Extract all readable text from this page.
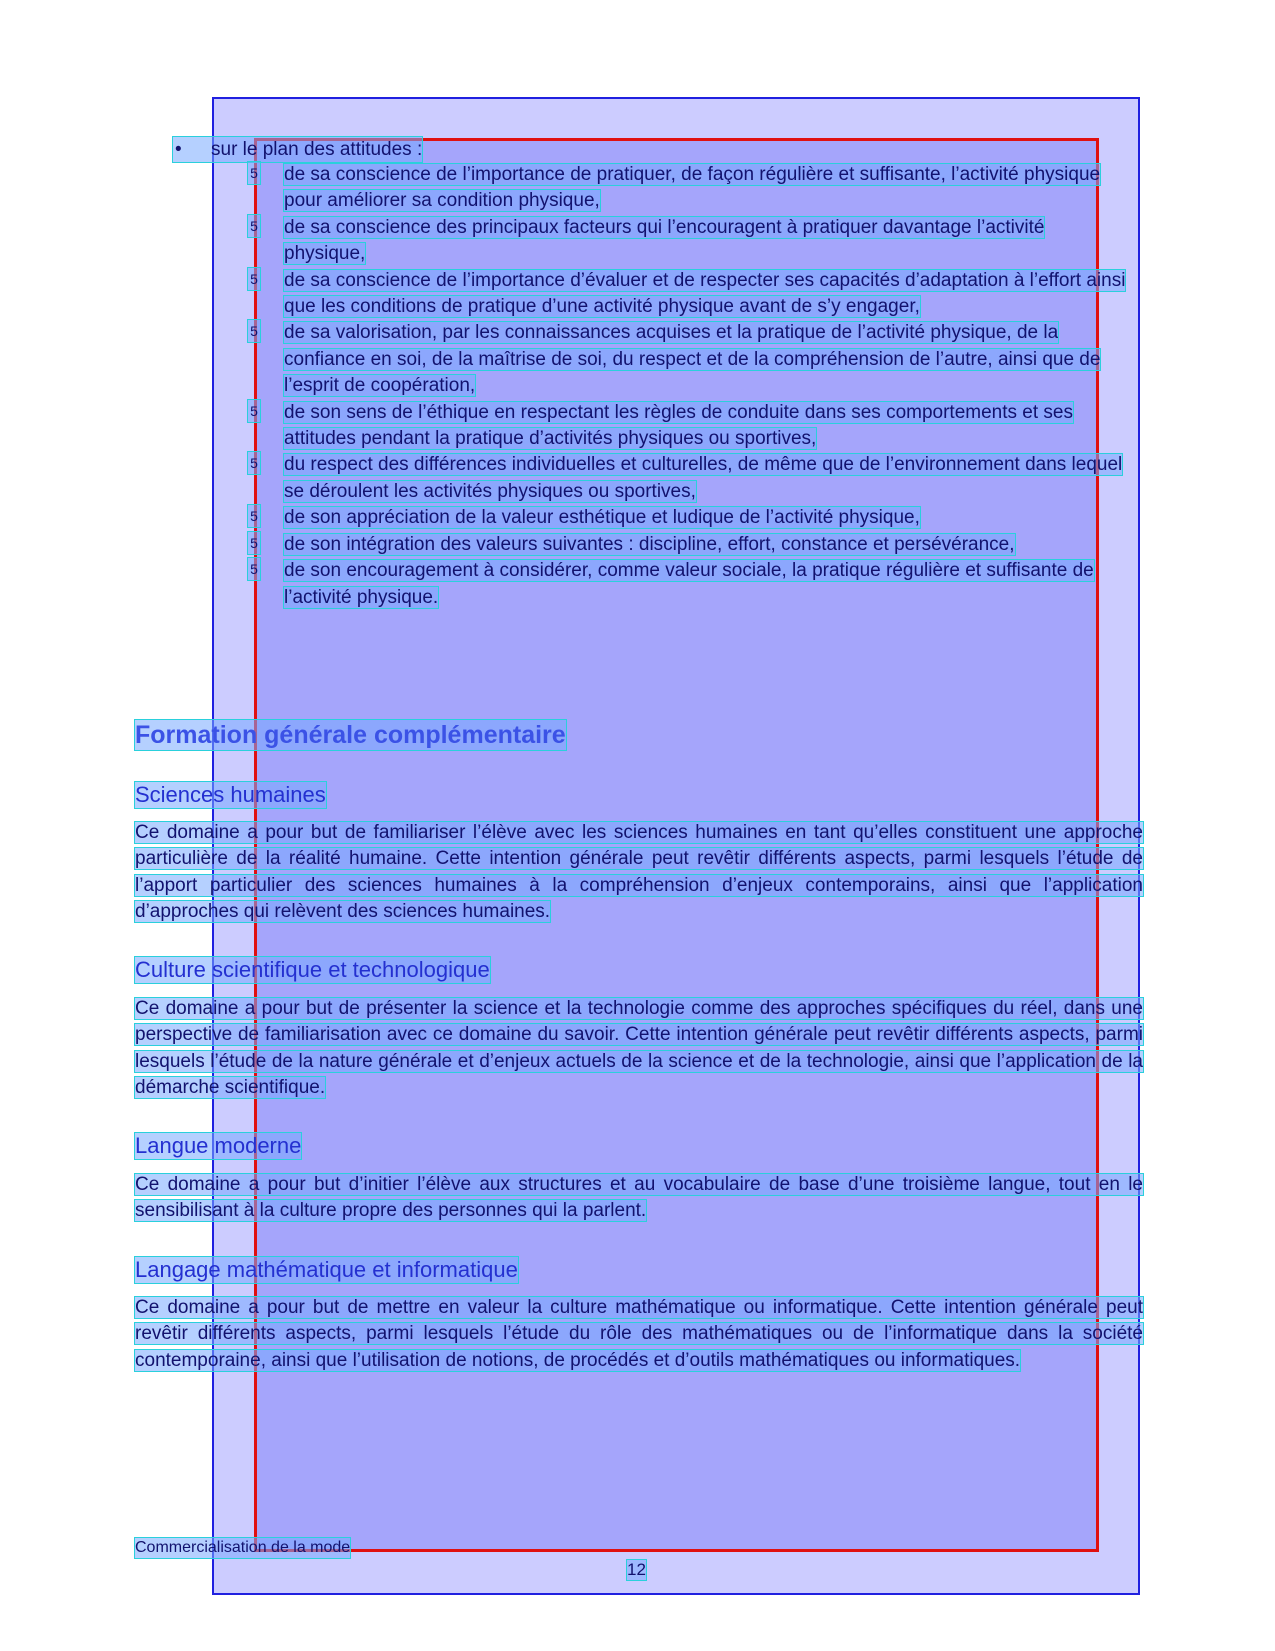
• sur le plan des attitudes :
5 de sa conscience de l’importance de pratiquer, de façon régulière et suffisante, l’activité physique pour améliorer sa condition physique,
5 de sa conscience des principaux facteurs qui l’encouragent à pratiquer davantage l’activité physique,
5 de sa conscience de l’importance d’évaluer et de respecter ses capacités d’adaptation à l’effort ainsi que les conditions de pratique d’une activité physique avant de s’y engager,
5 de sa valorisation, par les connaissances acquises et la pratique de l’activité physique, de la confiance en soi, de la maîtrise de soi, du respect et de la compréhension de l’autre, ainsi que de l’esprit de coopération,
5 de son sens de l’éthique en respectant les règles de conduite dans ses comportements et ses attitudes pendant la pratique d’activités physiques ou sportives,
5 du respect des différences individuelles et culturelles, de même que de l’environnement dans lequel se déroulent les activités physiques ou sportives,
5 de son appréciation de la valeur esthétique et ludique de l’activité physique,
5 de son intégration des valeurs suivantes : discipline, effort, constance et persévérance,
5 de son encouragement à considérer, comme valeur sociale, la pratique régulière et suffisante de l’activité physique.
Formation générale complémentaire
Sciences humaines

Ce domaine a pour but de familiariser l’élève avec les sciences humaines en tant qu’elles constituent une approche particulière de la réalité humaine. Cette intention générale peut revêtir différents aspects, parmi lesquels l’étude de l’apport particulier des sciences humaines à la compréhension d’enjeux contemporains, ainsi que l’application d’approches qui relèvent des sciences humaines.

Culture scientifique et technologique

Ce domaine a pour but de présenter la science et la technologie comme des approches spécifiques du réel, dans une perspective de familiarisation avec ce domaine du savoir. Cette intention générale peut revêtir différents aspects, parmi lesquels l’étude de la nature générale et d’enjeux actuels de la science et de la technologie, ainsi que l’application de la démarche scientifique.

Langue moderne

Ce domaine a pour but d’initier l’élève aux structures et au vocabulaire de base d’une troisième langue, tout en le sensibilisant à la culture propre des personnes qui la parlent.

Langage mathématique et informatique

Ce domaine a pour but de mettre en valeur la culture mathématique ou informatique. Cette intention générale peut revêtir différents aspects, parmi lesquels l’étude du rôle des mathématiques ou de l’informatique dans la société contemporaine, ainsi que l’utilisation de notions, de procédés et d’outils mathématiques ou informatiques.

Commercialisation de la mode
12
